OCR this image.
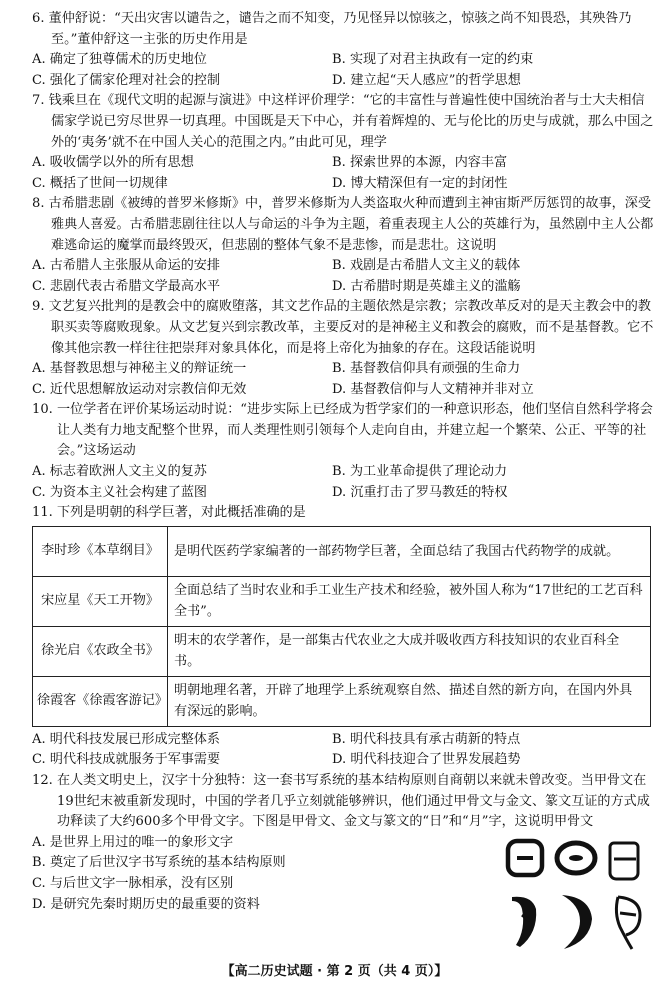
6. 董仲舒说：“天出灾害以谴告之，谴告之而不知变，乃见怪异以惊骇之，惊骇之尚不知畏恐，其殃咎乃至。”董仲舒这一主张的历史作用是
A. 确定了独尊儒术的历史地位	B. 实现了对君主执政有一定的约束
C. 强化了儒家伦理对社会的控制	D. 建立起“天人感应”的哲学思想
7. 钱乘旦在《现代文明的起源与演进》中这样评价理学：“它的丰富性与普遍性使中国统治者与士大夫相信儒家学说已穷尽世界一切真理。中国既是天下中心，并有着辉煌的、无与伦比的历史与成就，那么中国之外的‘夷务’就不在中国人关心的范围之内。”由此可见，理学
A. 吸收儒学以外的所有思想	B. 探索世界的本源，内容丰富
C. 概括了世间一切规律	D. 博大精深但有一定的封闭性
8. 古希腊悲剧《被缚的普罗米修斯》中，普罗米修斯为人类盗取火种而遭到主神宙斯严厉惩罚的故事，深受雅典人喜爱。古希腊悲剧往往以人与命运的斗争为主题，着重表现主人公的英雄行为，虽然剧中主人公都难逃命运的魔掌而最终毁灭，但悲剧的整体气象不是悲惨，而是悲壮。这说明
A. 古希腊人主张服从命运的安排	B. 戏剧是古希腊人文主义的载体
C. 悲剧代表古希腊文学最高水平	D. 古希腊时期是英雄主义的滥觞
9. 文艺复兴批判的是教会中的腐败堕落，其文艺作品的主题依然是宗教；宗教改革反对的是天主教会中的教职买卖等腐败现象。从文艺复兴到宗教改革，主要反对的是神秘主义和教会的腐败，而不是基督教。它不像其他宗教一样往往把崇拜对象具体化，而是将上帝化为抽象的存在。这段话能说明
A. 基督教思想与神秘主义的辩证统一	B. 基督教信仰具有顽强的生命力
C. 近代思想解放运动对宗教信仰无效	D. 基督教信仰与人文精神并非对立
10. 一位学者在评价某场运动时说：“进步实际上已经成为哲学家们的一种意识形态，他们坚信自然科学将会让人类有力地支配整个世界，而人类理性则引领每个人走向自由，并建立起一个繁荣、公正、平等的社会。”这场运动
A. 标志着欧洲人文主义的复苏	B. 为工业革命提供了理论动力
C. 为资本主义社会构建了蓝图	D. 沉重打击了罗马教廷的特权
11. 下列是明朝的科学巨著，对此概括准确的是
李时珍《本草纲目》	是明代医药学家编著的一部药物学巨著，全面总结了我国古代药物学的成就。
宋应星《天工开物》	全面总结了当时农业和手工业生产技术和经验，被外国人称为“17世纪的工艺百科全书”。
徐光启《农政全书》	明末的农学著作，是一部集古代农业之大成并吸收西方科技知识的农业百科全书。
徐霞客《徐霞客游记》	明朝地理名著，开辟了地理学上系统观察自然、描述自然的新方向，在国内外具有深远的影响。
A. 明代科技发展已形成完整体系	B. 明代科技具有承古萌新的特点
C. 明代科技成就服务于军事需要	D. 明代科技迎合了世界发展趋势
12. 在人类文明史上，汉字十分独特：这一套书写系统的基本结构原则自商朝以来就未曾改变。当甲骨文在19世纪末被重新发现时，中国的学者几乎立刻就能够辨识，他们通过甲骨文与金文、篆文互证的方式成功释读了大约600多个甲骨文字。下图是甲骨文、金文与篆文的“日”和“月”字，这说明甲骨文
A. 是世界上用过的唯一的象形文字
B. 奠定了后世汉字书写系统的基本结构原则
C. 与后世文字一脉相承，没有区别
D. 是研究先秦时期历史的最重要的资料
【高二历史试题 · 第 2 页（共 4 页）】
